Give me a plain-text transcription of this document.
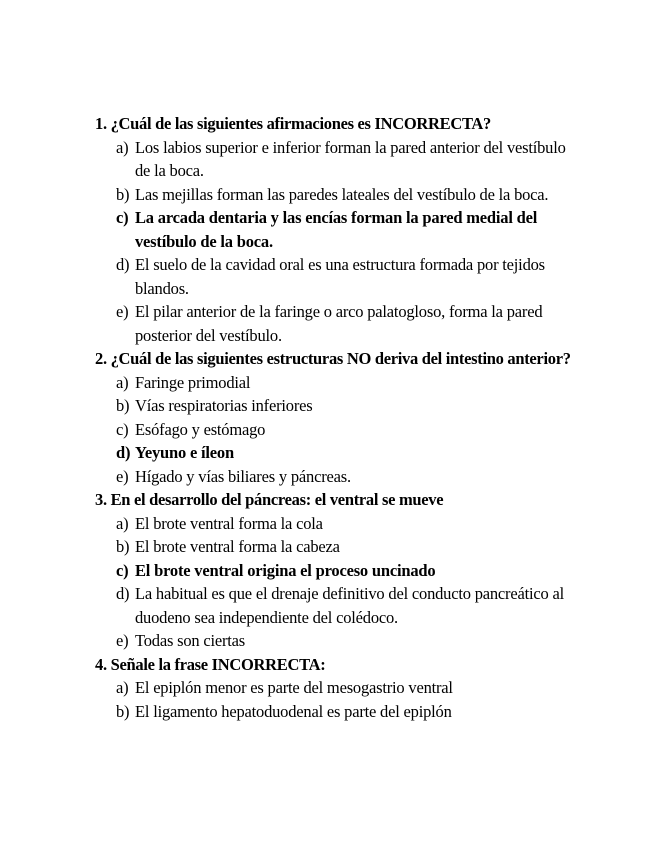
1. ¿Cuál de las siguientes afirmaciones es INCORRECTA?
a) Los labios superior e inferior forman la pared anterior del vestíbulo de la boca.
b) Las mejillas forman las paredes lateales del vestíbulo de la boca.
c) La arcada dentaria y las encías forman la pared medial del vestíbulo de la boca.
d) El suelo de la cavidad oral es una estructura formada por tejidos blandos.
e) El pilar anterior de la faringe o arco palatogloso, forma la pared posterior del vestíbulo.
2. ¿Cuál de las siguientes estructuras NO deriva del intestino anterior?
a) Faringe primodial
b) Vías respiratorias inferiores
c) Esófago y estómago
d) Yeyuno e íleon
e) Hígado y vías biliares y páncreas.
3. En el desarrollo del páncreas: el ventral se mueve
a) El brote ventral forma la cola
b) El brote ventral forma la cabeza
c) El brote ventral origina el proceso uncinado
d) La habitual es que el drenaje definitivo del conducto pancreático al duodeno sea independiente del colédoco.
e) Todas son ciertas
4. Señale la frase INCORRECTA:
a) El epiplón menor es parte del mesogastrio ventral
b) El ligamento hepatoduodenal es parte del epiplón
